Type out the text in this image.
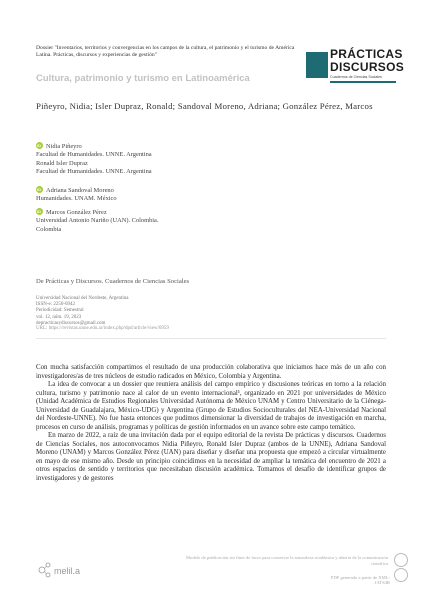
Dossier "Inventarios, territorios y convergencias en los campos de la cultura, el patrimonio y el turismo de América Latina. Prácticas, discursos y experiencias de gestión"	PRÁCTICAS
DISCURSOS
Cuadernos de Ciencias Sociales
Cultura, patrimonio y turismo en Latinoamérica
Piñeyro, Nidia; Isler Dupraz, Ronald; Sandoval Moreno, Adriana; González Pérez, Marcos
iDNidia Piñeyro
Facultad de Humanidades. UNNE. Argentina
Ronald Isler Dupraz
Facultad de Humanidades. UNNE. Argentina
iDAdriana Sandoval Moreno
Humanidades. UNAM. México
iDMarcos González Pérez
Universidad Antonio Nariño (UAN). Colombia.
Colombia
De Prácticas y Discursos. Cuadernos de Ciencias Sociales
Universidad Nacional del Nordeste, Argentina
ISSN-e: 2250-6942
Periodicidad: Semestral
vol. 12, núm. 19, 2023
depracticasydiscursos@gmail.com
URL: https://revistas.unne.edu.ar/index.php/dpd/article/view/6959

Con mucha satisfacción compartimos el resultado de una producción colaborativa que iniciamos hace más de un año con investigadores/as de tres núcleos de estudio radicados en México, Colombia y Argentina.

La idea de convocar a un dossier que reuniera análisis del campo empírico y discusiones teóricas en torno a la relación cultura, turismo y patrimonio nace al calor de un evento internacional¹, organizado en 2021 por universidades de México (Unidad Académica de Estudios Regionales Universidad Autónoma de México UNAM y Centro Universitario de la Ciénega-Universidad de Guadalajara, México-UDG) y Argentina (Grupo de Estudios Socioculturales del NEA-Universidad Nacional del Nordeste-UNNE). No fue hasta entonces que pudimos dimensionar la diversidad de trabajos de investigación en marcha, procesos en curso de análisis, programas y políticas de gestión informados en un avance sobre este campo temático.

En marzo de 2022, a raíz de una invitación dada por el equipo editorial de la revista De prácticas y discursos. Cuadernos de Ciencias Sociales, nos autoconvocamos Nidia Piñeyro, Ronald Isler Dupraz (ambos de la UNNE), Adriana Sandoval Moreno (UNAM) y Marcos González Pérez (UAN) para diseñar y diseñar una propuesta que empezó a circular virtualmente en mayo de ese mismo año. Desde un principio coincidimos en la necesidad de ampliar la temática del encuentro de 2021 a otros espacios de sentido y territorios que necesitaban discusión académica. Tomamos el desafío de identificar grupos de investigadores y de gestores

melil.a
Modelo de publicación sin fines de lucro para conservar la naturaleza académica y abierta de la comunicación científica
PDF generado a partir de XML-JATS4R
